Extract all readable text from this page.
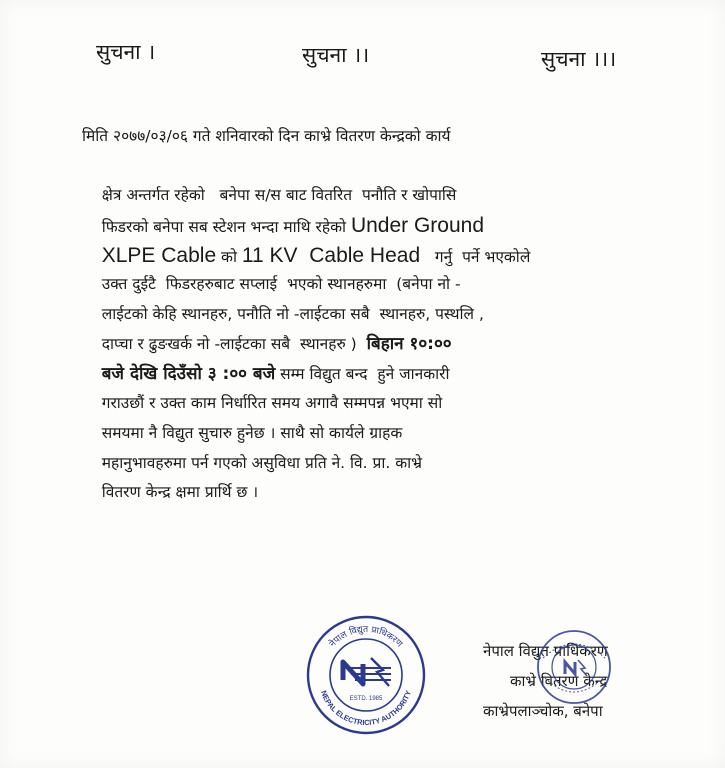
सुचना ।	सुचना ।।	सुचना ।।।
मिति २०७७/०३/०६ गते शनिवारको दिन काभ्रे वितरण केन्द्रको कार्य

क्षेत्र अन्तर्गत रहेको   बनेपा स/स बाट वितरित  पनौति र खोपासि

फिडरको बनेपा सब स्टेशन भन्दा माथि रहेको Under Ground

XLPE Cable को 11 KV  Cable Head   गर्नु  पर्ने भएकोले

उक्त दुईटै  फिडरहरुबाट सप्लाई  भएको स्थानहरुमा  (बनेपा नो -

लाईटको केहि स्थानहरु, पनौति नो -लाईटका सबै  स्थानहरु, पस्थलि ,

दाप्चा र ढुङखर्क नो -लाईटका सबै  स्थानहरु )  बिहान १०:००

बजे देखि दिउँसो ३ :०० बजे सम्म विद्युत बन्द  हुने जानकारी

गराउछौं र उक्त काम निर्धारित समय अगावै सम्मपन्न भएमा सो

समयमा नै विद्युत सुचारु हुनेछ । साथै सो कार्यले ग्राहक

महानुभावहरुमा पर्न गएको असुविधा प्रति ने. वि. प्रा. काभ्रे

वितरण केन्द्र क्षमा प्रार्थि छ ।

नेपाल विद्युत प्राधिकरण
NEPAL ELECTRICITY AUTHORITY
ESTD. 1985
नेपाल विद्युत प्राधिकरण
काभ्रे वितरण केन्द्र
काभ्रेपलाञ्चोक, बनेपा
